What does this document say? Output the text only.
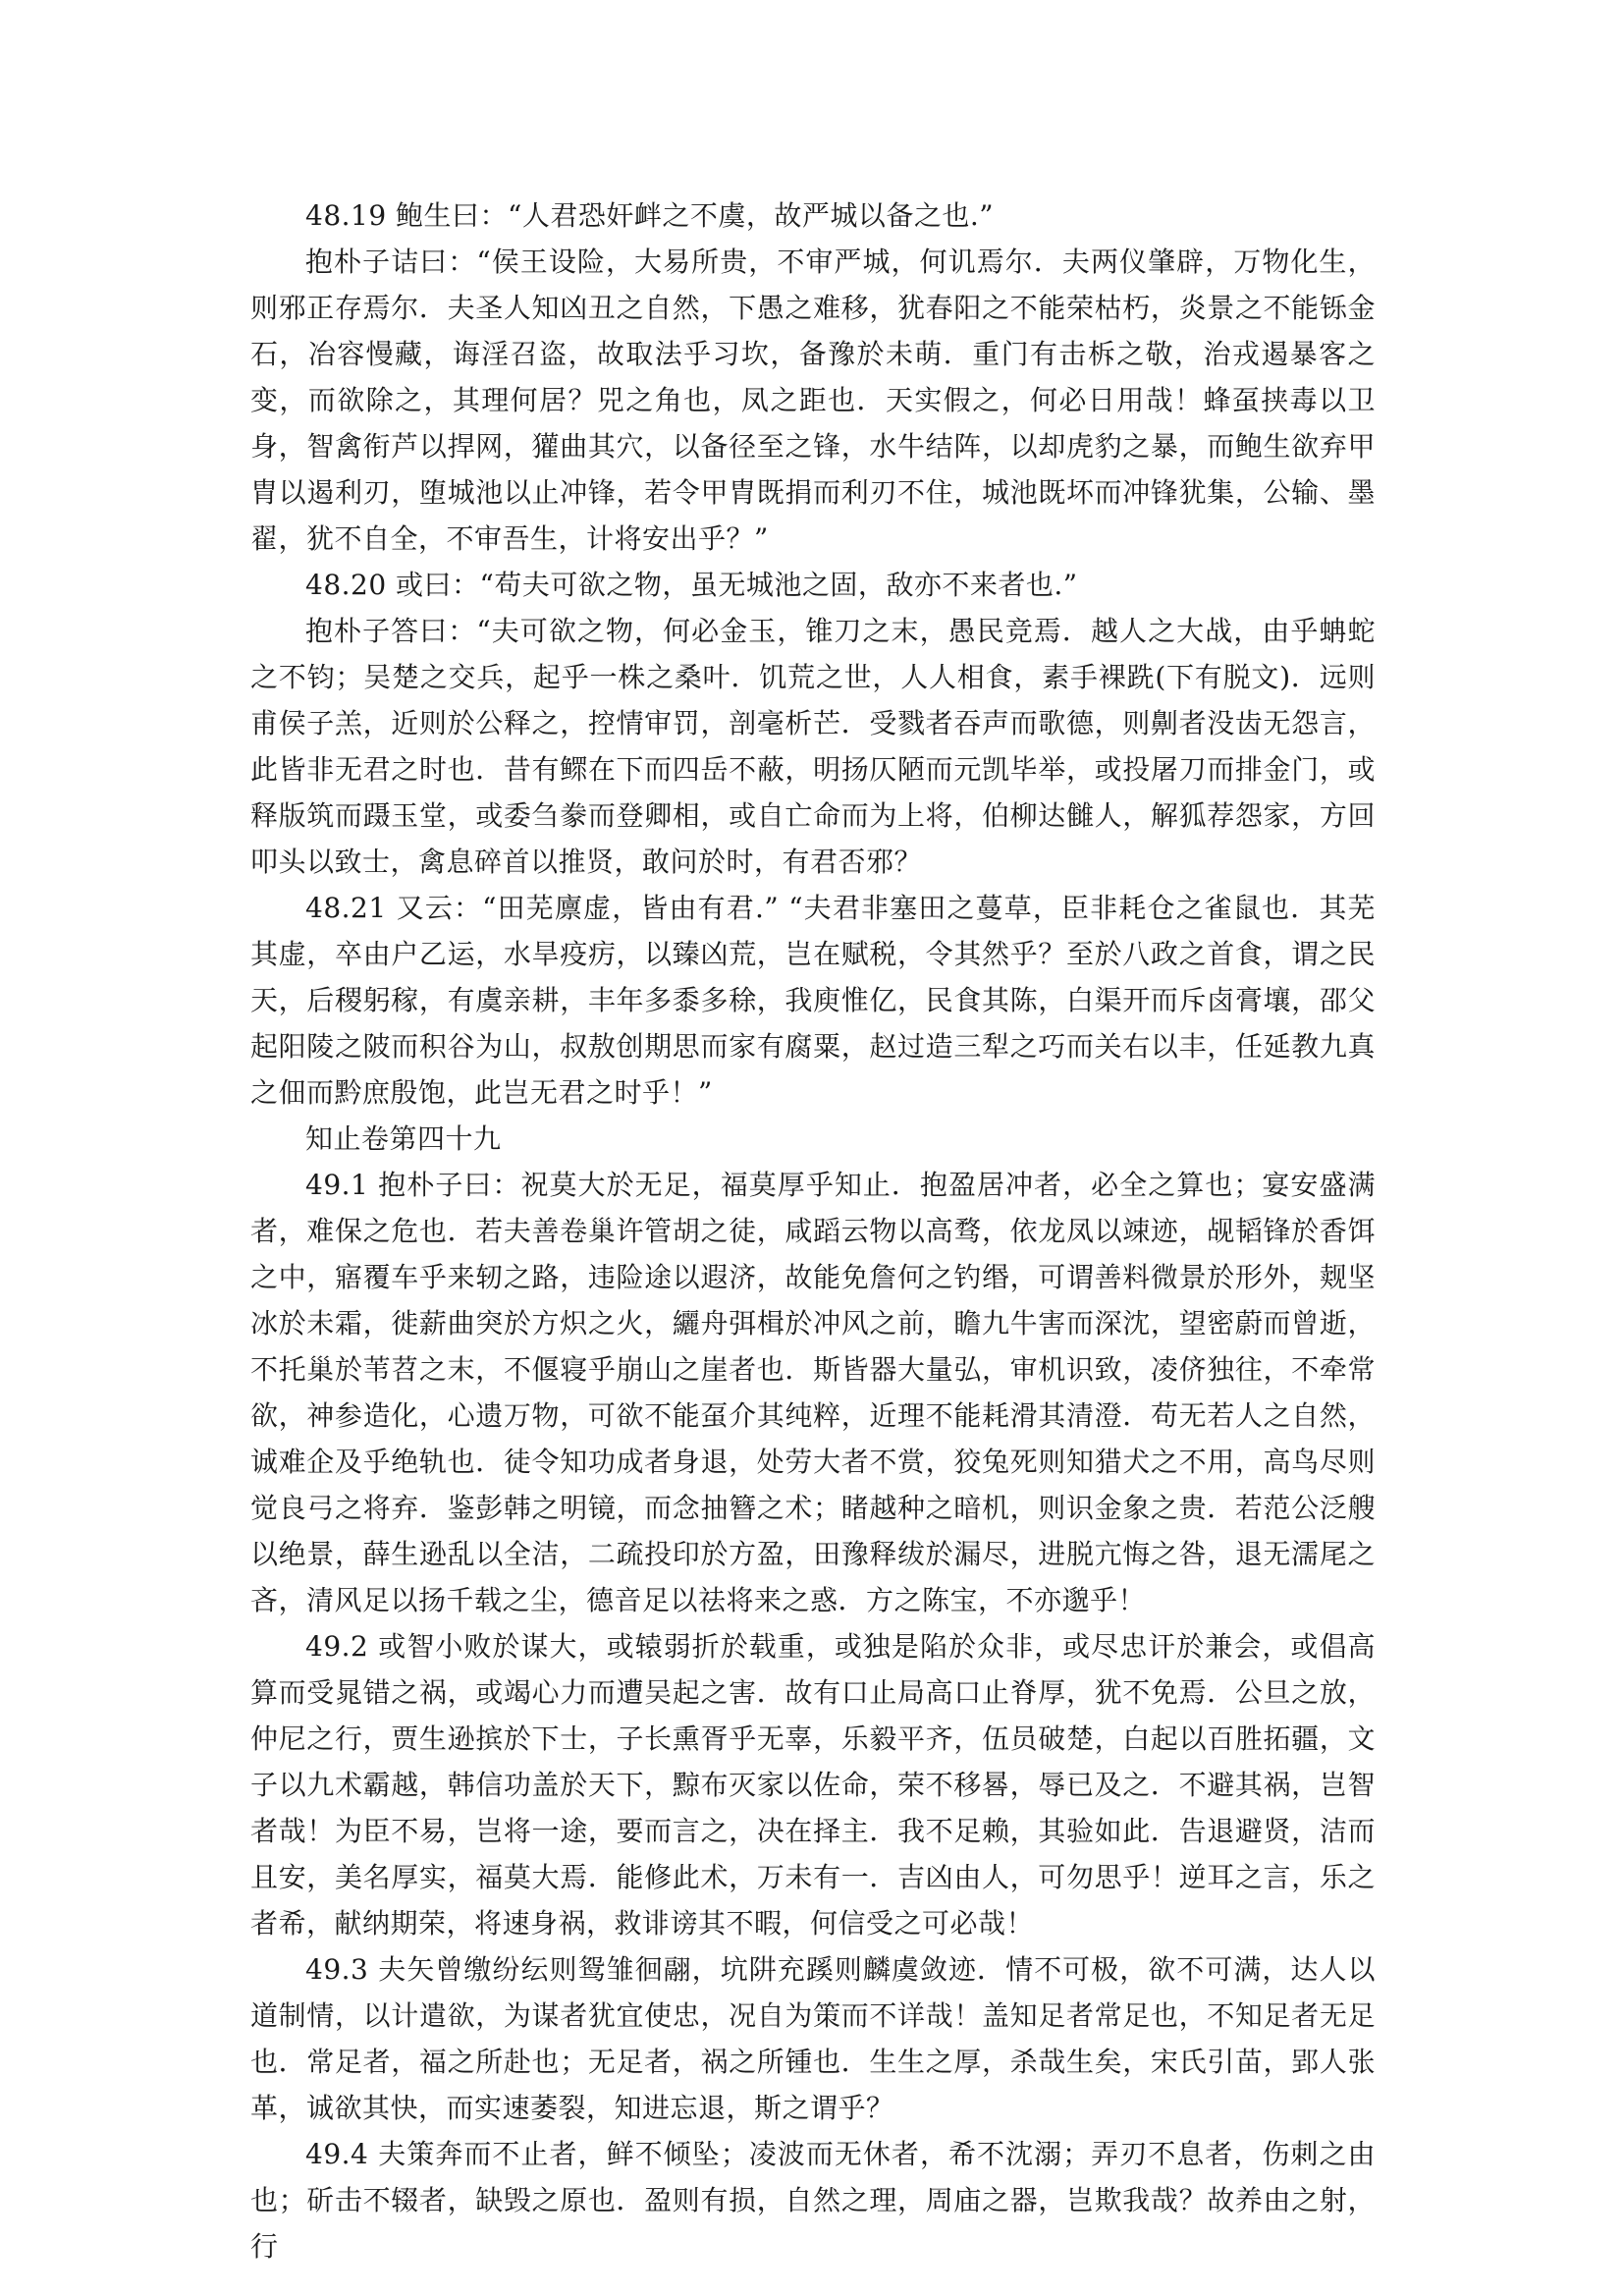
48.19 鲍生曰：“人君恐奸衅之不虞，故严城以备之也.”

抱朴子诘曰：“侯王设险，大易所贵，不审严城，何讥焉尔．夫两仪肇辟，万物化生，则邪正存焉尔．夫圣人知凶丑之自然，下愚之难移，犹春阳之不能荣枯朽，炎景之不能铄金石，冶容慢藏，诲淫召盗，故取法乎习坎，备豫於未萌．重门有击柝之敬，治戎遏暴客之变，而欲除之，其理何居？兕之角也，凤之距也．天实假之，何必日用哉！蜂虿挟毒以卫身，智禽衔芦以捍网，獾曲其穴，以备径至之锋，水牛结阵，以却虎豹之暴，而鲍生欲弃甲胄以遏利刃，堕城池以止冲锋，若令甲胄既捐而利刃不住，城池既坏而冲锋犹集，公输、墨翟，犹不自全，不审吾生，计将安出乎？”

48.20 或曰：“苟夫可欲之物，虽无城池之固，敌亦不来者也.”

抱朴子答曰：“夫可欲之物，何必金玉，锥刀之末，愚民竞焉．越人之大战，由乎蚺蛇之不钧；吴楚之交兵，起乎一株之桑叶．饥荒之世，人人相食，素手裸跣(下有脱文)．远则甫侯子羔，近则於公释之，控情审罚，剖毫析芒．受戮者吞声而歌德，则劓者没齿无怨言，此皆非无君之时也．昔有鳏在下而四岳不蔽，明扬仄陋而元凯毕举，或投屠刀而排金门，或释版筑而蹑玉堂，或委刍豢而登卿相，或自亡命而为上将，伯柳达雠人，解狐荐怨家，方回叩头以致士，禽息碎首以推贤，敢问於时，有君否邪？

48.21 又云：“田芜廪虚，皆由有君.” “夫君非塞田之蔓草，臣非耗仓之雀鼠也．其芜其虚，卒由户乙运，水旱疫疠，以臻凶荒，岂在赋税，令其然乎？至於八政之首食，谓之民天，后稷躬稼，有虞亲耕，丰年多黍多稌，我庾惟亿，民食其陈，白渠开而斥卤膏壤，邵父起阳陵之陂而积谷为山，叔敖创期思而家有腐粟，赵过造三犁之巧而关右以丰，任延教九真之佃而黔庶殷饱，此岂无君之时乎！”

知止卷第四十九

49.1 抱朴子曰：祝莫大於无足，福莫厚乎知止．抱盈居冲者，必全之算也；宴安盛满者，难保之危也．若夫善卷巢许管胡之徒，咸蹈云物以高骛，依龙凤以竦迹，觇韬锋於香饵之中，寤覆车乎来轫之路，违险途以遐济，故能免詹何之钓缗，可谓善料微景於形外，觌坚冰於未霜，徙薪曲突於方炽之火，纚舟弭楫於冲风之前，瞻九牛害而深沈，望密蔚而曾逝，不托巢於苇苕之末，不偃寝乎崩山之崖者也．斯皆器大量弘，审机识致，凌侪独往，不牵常欲，神参造化，心遗万物，可欲不能虿介其纯粹，近理不能耗滑其清澄．苟无若人之自然，诚难企及乎绝轨也．徒令知功成者身退，处劳大者不赏，狡兔死则知猎犬之不用，高鸟尽则觉良弓之将弃．鉴彭韩之明镜，而念抽簪之术；睹越种之暗机，则识金象之贵．若范公泛艘以绝景，薛生逊乱以全洁，二疏投印於方盈，田豫释绂於漏尽，进脱亢悔之咎，退无濡尾之吝，清风足以扬千载之尘，德音足以祛将来之惑．方之陈宝，不亦邈乎！

49.2 或智小败於谋大，或辕弱折於载重，或独是陷於众非，或尽忠讦於兼会，或倡高算而受晁错之祸，或竭心力而遭吴起之害．故有口止局高口止脊厚，犹不免焉．公旦之放，仲尼之行，贾生逊摈於下士，子长熏胥乎无辜，乐毅平齐，伍员破楚，白起以百胜拓疆，文子以九术霸越，韩信功盖於天下，黥布灭家以佐命，荣不移晷，辱已及之．不避其祸，岂智者哉！为臣不易，岂将一途，要而言之，决在择主．我不足赖，其验如此．告退避贤，洁而且安，美名厚实，福莫大焉．能修此术，万未有一．吉凶由人，可勿思乎！逆耳之言，乐之者希，献纳期荣，将速身祸，救诽谤其不暇，何信受之可必哉！

49.3 夫矢曾缴纷纭则鸳雏徊翮，坑阱充蹊则麟虞敛迹．情不可极，欲不可满，达人以道制情，以计遣欲，为谋者犹宜使忠，况自为策而不详哉！盖知足者常足也，不知足者无足也．常足者，福之所赴也；无足者，祸之所锺也．生生之厚，杀哉生矣，宋氏引苗，郢人张革，诚欲其快，而实速萎裂，知进忘退，斯之谓乎？

49.4 夫策奔而不止者，鲜不倾坠；凌波而无休者，希不沈溺；弄刃不息者，伤刺之由也；斫击不辍者，缺毁之原也．盈则有损，自然之理，周庙之器，岂欺我哉？故养由之射，行
